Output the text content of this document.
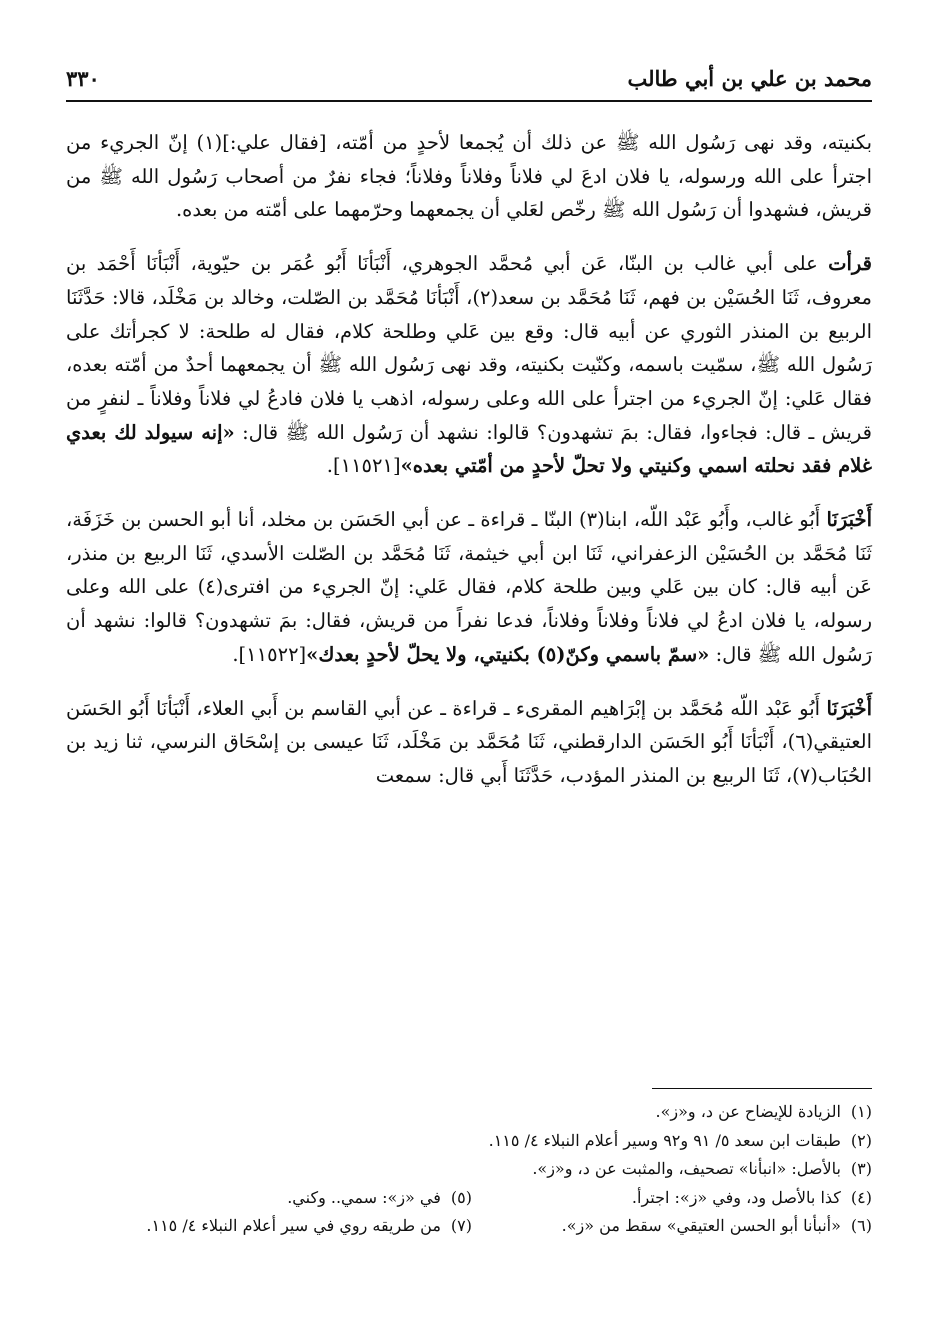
محمد بن علي بن أبي طالب
٣٣٠

بكنيته، وقد نهى رَسُول الله ﷺ عن ذلك أن يُجمعا لأحدٍ من أمّته، [فقال علي:](١) إنّ الجريء من اجترأ على الله ورسوله، يا فلان ادعَ لي فلاناً وفلاناً وفلاناً؛ فجاء نفرٌ من أصحاب رَسُول الله ﷺ من قريش، فشهدوا أن رَسُول الله ﷺ رخّص لعَلي أن يجمعهما وحرّمهما على أمّته من بعده.

قرأت على أبي غالب بن البنّا، عَن أبي مُحمَّد الجوهري، أَنْبَأنَا أَبُو عُمَر بن حيّوية، أَنْبَأنَا أَحْمَد بن معروف، ثَنَا الحُسَيْن بن فهم، ثَنَا مُحَمَّد بن سعد(٢)، أَنْبَأنَا مُحَمَّد بن الصّلت، وخالد بن مَخْلَد، قالا: حَدَّثَنَا الربيع بن المنذر الثوري عن أبيه قال: وقع بين عَلي وطلحة كلام، فقال له طلحة: لا كجرأتك على رَسُول الله ﷺ، سمّيت باسمه، وكنّيت بكنيته، وقد نهى رَسُول الله ﷺ أن يجمعهما أحدٌ من أمّته بعده، فقال عَلي: إنّ الجريء من اجترأ على الله وعلى رسوله، اذهب يا فلان فادعُ لي فلاناً وفلاناً ـ لنفرٍ من قريش ـ قال: فجاءوا، فقال: بمَ تشهدون؟ قالوا: نشهد أن رَسُول الله ﷺ قال: «إنه سيولد لك بعدي غلام فقد نحلته اسمي وكنيتي ولا تحلّ لأحدٍ من أمّتي بعده»[١١٥٢١].

أَخْبَرَنَا أَبُو غالب، وأَبُو عَبْد اللّه، ابنا(٣) البنّا ـ قراءة ـ عن أبي الحَسَن بن مخلد، أنا أبو الحسن بن خَزَفَة، ثَنَا مُحَمَّد بن الحُسَيْن الزعفراني، ثَنَا ابن أبي خيثمة، ثَنَا مُحَمَّد بن الصّلت الأسدي، ثَنَا الربيع بن منذر، عَن أبيه قال: كان بين عَلي وبين طلحة كلام، فقال عَلي: إنّ الجريء من افترى(٤) على الله وعلى رسوله، يا فلان ادعُ لي فلاناً وفلاناً وفلاناً، فدعا نفراً من قريش، فقال: بمَ تشهدون؟ قالوا: نشهد أن رَسُول الله ﷺ قال: «سمّ باسمي وكنّ(٥) بكنيتي، ولا يحلّ لأحدٍ بعدك»[١١٥٢٢].

أَخْبَرَنَا أَبُو عَبْد اللّه مُحَمَّد بن إبْرَاهيم المقرىء ـ قراءة ـ عن أبي القاسم بن أَبي العلاء، أَنْبَأنَا أَبُو الحَسَن العتيقي(٦)، أَنْبَأنَا أَبُو الحَسَن الدارقطني، ثَنَا مُحَمَّد بن مَخْلَد، ثَنَا عيسى بن إسْحَاق النرسي، ثنا زيد بن الحُبَاب(٧)، ثَنَا الربيع بن المنذر المؤدب، حَدَّثَنَا أَبي قال: سمعت

(١) الزيادة للإيضاح عن د، و«ز».
(٢) طبقات ابن سعد ٥/ ٩١ و٩٢ وسير أعلام النبلاء ٤/ ١١٥.
(٣) بالأصل: «انبأنا» تصحيف، والمثبت عن د، و«ز».
(٤) كذا بالأصل ود، وفي «ز»: اجترأ.
(٥) في «ز»: سمي.. وكني.
(٦) «أنبأنا أبو الحسن العتيقي» سقط من «ز».
(٧) من طريقه روي في سير أعلام النبلاء ٤/ ١١٥.
